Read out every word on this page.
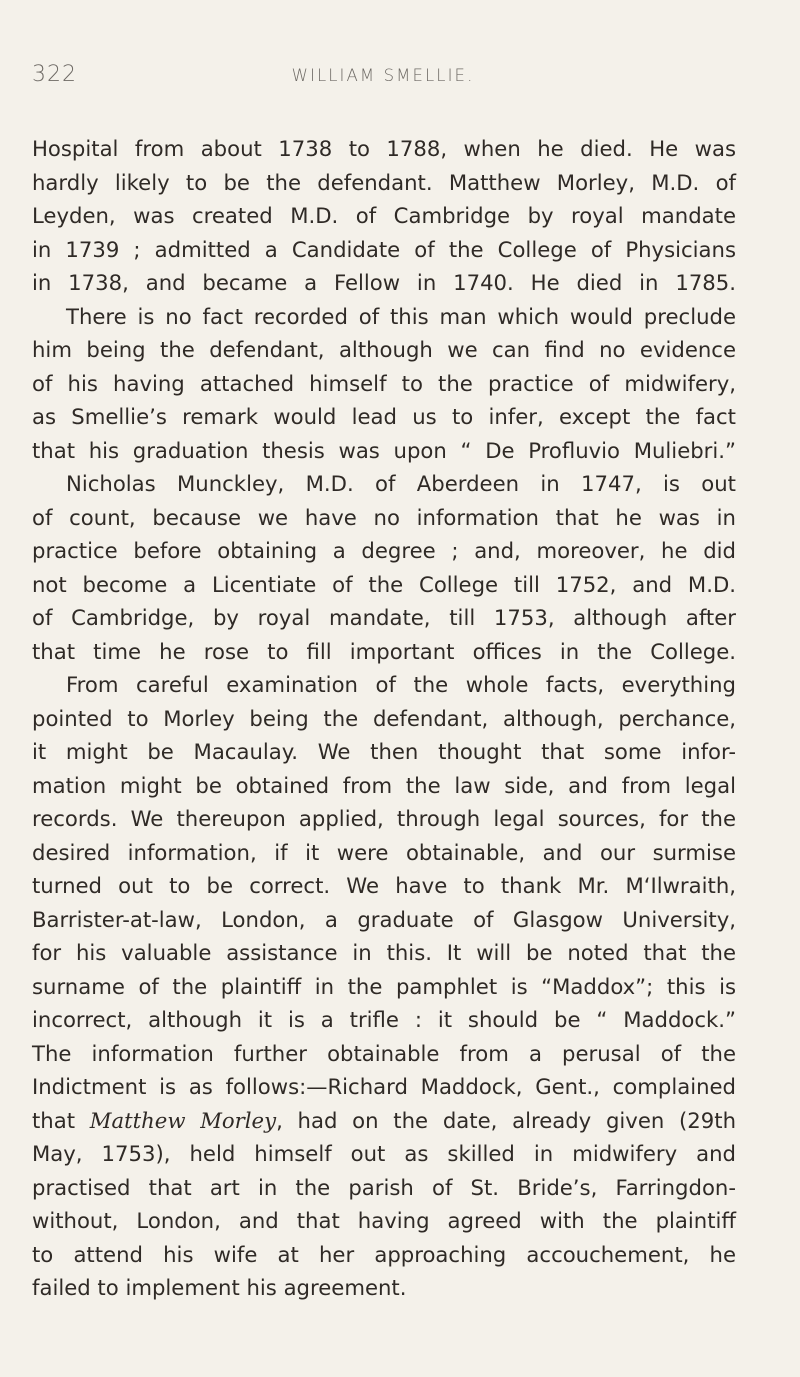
322	WILLIAM SMELLIE.
Hospital from about 1738 to 1788, when he died. He was
hardly likely to be the defendant. Matthew Morley, M.D. of
Leyden, was created M.D. of Cambridge by royal mandate
in 1739 ; admitted a Candidate of the College of Physicians
in 1738, and became a Fellow in 1740. He died in 1785.
There is no fact recorded of this man which would preclude
him being the defendant, although we can find no evidence
of his having attached himself to the practice of midwifery,
as Smellie’s remark would lead us to infer, except the fact
that his graduation thesis was upon “ De Profluvio Muliebri.”
Nicholas Munckley, M.D. of Aberdeen in 1747, is out
of count, because we have no information that he was in
practice before obtaining a degree ; and, moreover, he did
not become a Licentiate of the College till 1752, and M.D.
of Cambridge, by royal mandate, till 1753, although after
that time he rose to fill important offices in the College.
From careful examination of the whole facts, everything
pointed to Morley being the defendant, although, perchance,
it might be Macaulay. We then thought that some infor-
mation might be obtained from the law side, and from legal
records. We thereupon applied, through legal sources, for the
desired information, if it were obtainable, and our surmise
turned out to be correct. We have to thank Mr. M‘Ilwraith,
Barrister-at-law, London, a graduate of Glasgow University,
for his valuable assistance in this. It will be noted that the
surname of the plaintiff in the pamphlet is “Maddox”; this is
incorrect, although it is a trifle : it should be “ Maddock.”
The information further obtainable from a perusal of the
Indictment is as follows:—Richard Maddock, Gent., complained
that Matthew Morley, had on the date, already given (29th
May, 1753), held himself out as skilled in midwifery and
practised that art in the parish of St. Bride’s, Farringdon-
without, London, and that having agreed with the plaintiff
to attend his wife at her approaching accouchement, he
failed to implement his agreement.
